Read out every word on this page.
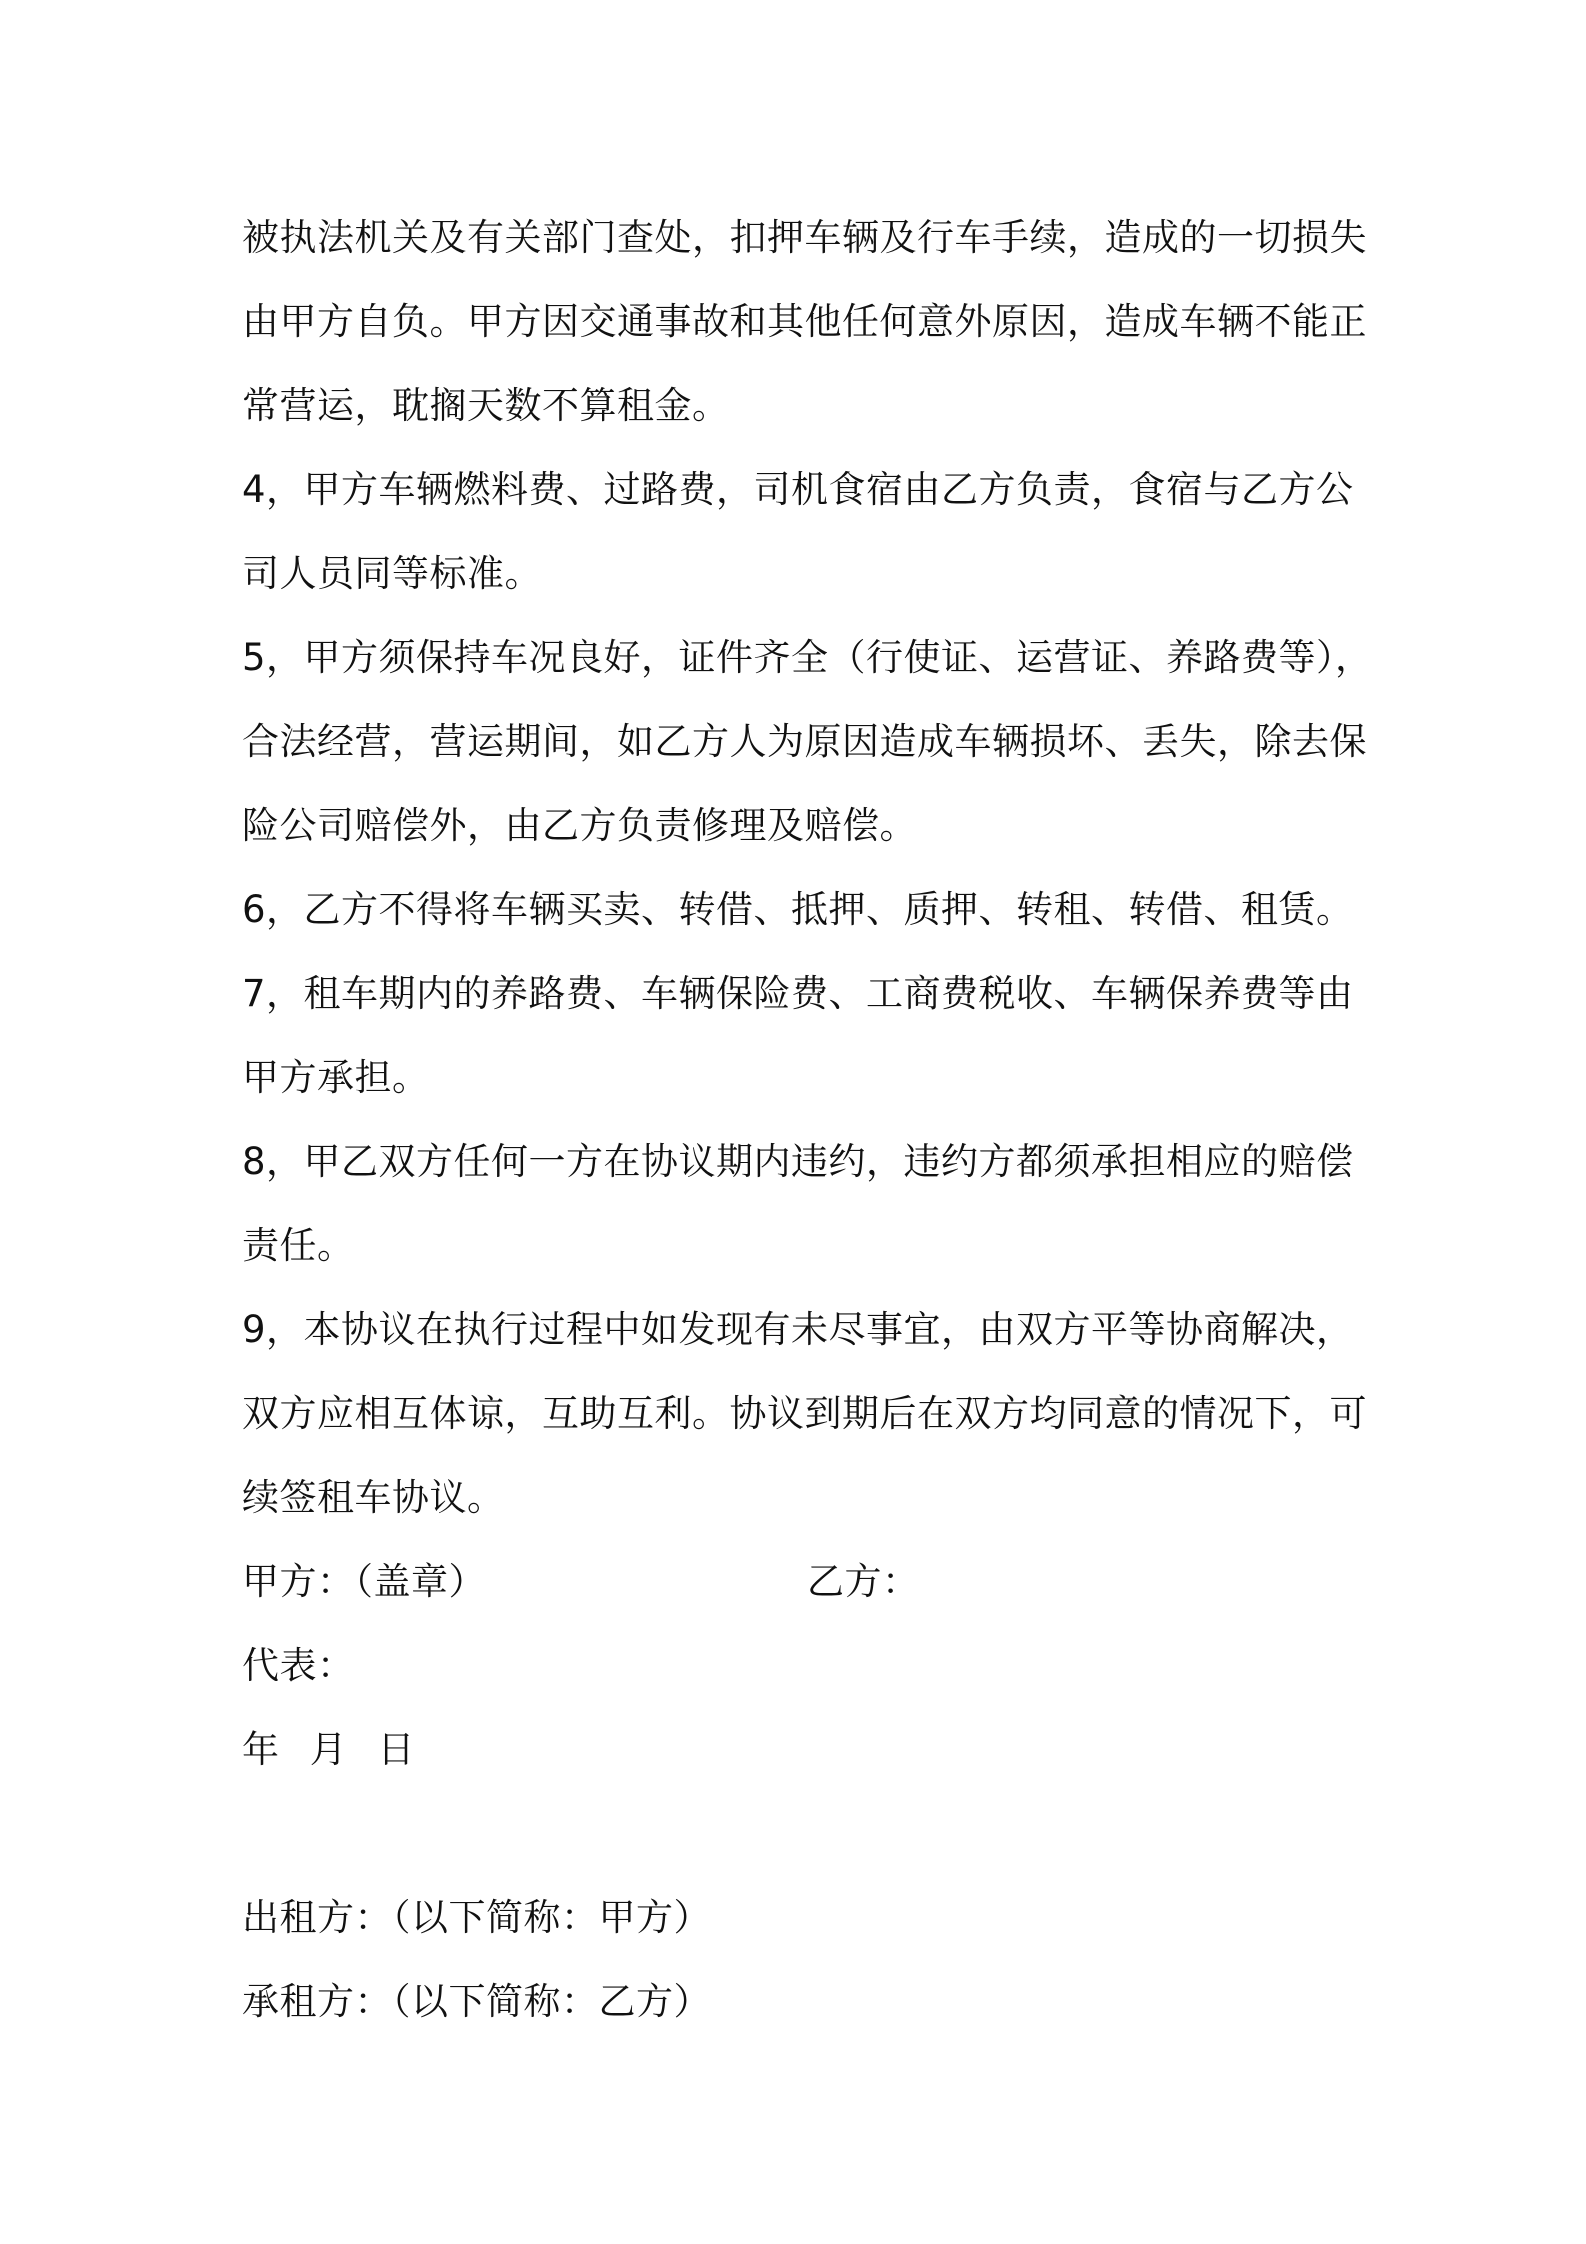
被执法机关及有关部门查处，扣押车辆及行车手续，造成的一切损失
由甲方自负。甲方因交通事故和其他任何意外原因，造成车辆不能正
常营运，耽搁天数不算租金。
4，甲方车辆燃料费、过路费，司机食宿由乙方负责，食宿与乙方公
司人员同等标准。
5，甲方须保持车况良好，证件齐全（行使证、运营证、养路费等），
合法经营，营运期间，如乙方人为原因造成车辆损坏、丢失，除去保
险公司赔偿外，由乙方负责修理及赔偿。
6，乙方不得将车辆买卖、转借、抵押、质押、转租、转借、租赁。
7，租车期内的养路费、车辆保险费、工商费税收、车辆保养费等由
甲方承担。
8，甲乙双方任何一方在协议期内违约，违约方都须承担相应的赔偿
责任。
9，本协议在执行过程中如发现有未尽事宜，由双方平等协商解决，
双方应相互体谅，互助互利。协议到期后在双方均同意的情况下，可
续签租车协议。
甲方：（盖章）	乙方：
代表：
年 月 日
出租方：（以下简称：甲方）
承租方：（以下简称：乙方）
